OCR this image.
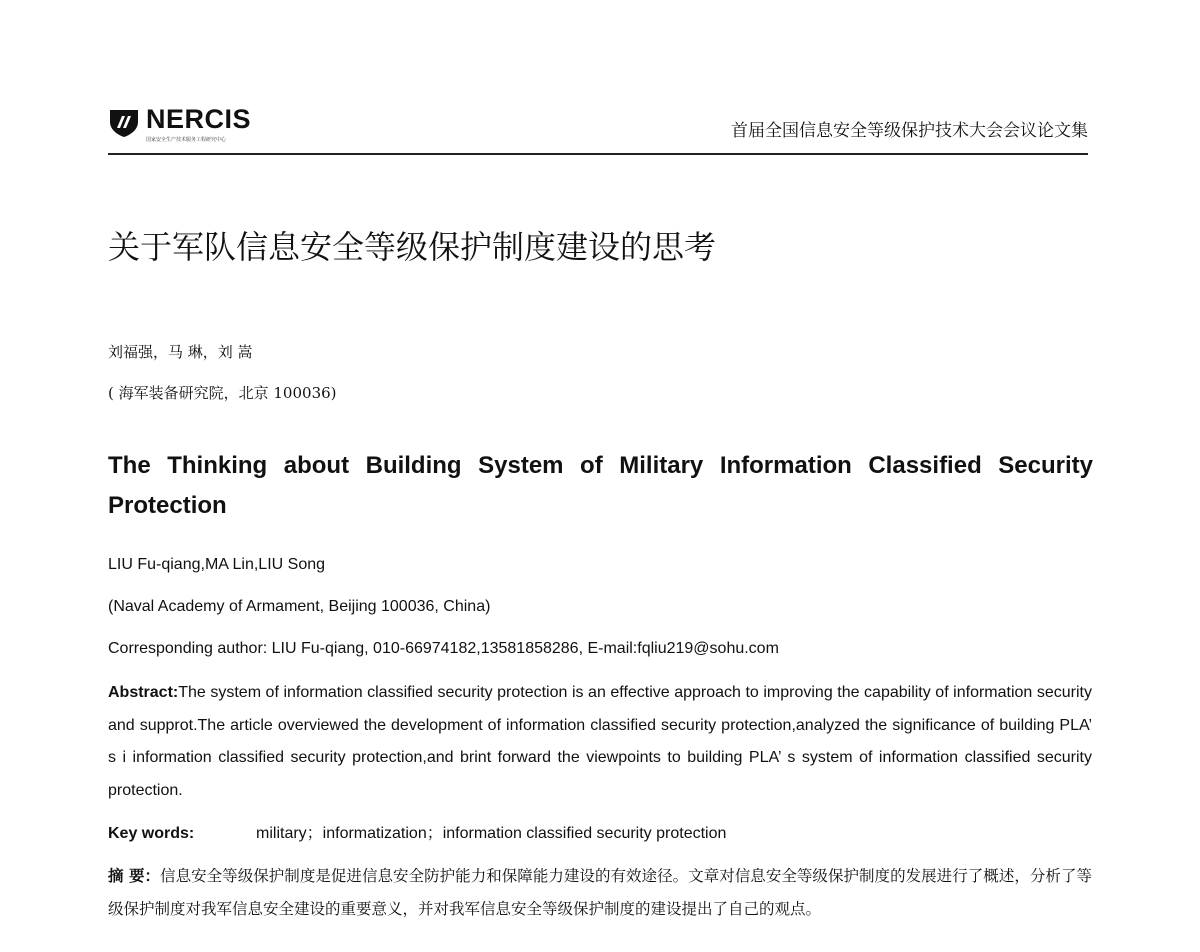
NERCIS
国家安全生产技术服务工程研究中心	首届全国信息安全等级保护技术大会会议论文集
关于军队信息安全等级保护制度建设的思考
刘福强，马 琳，刘 嵩
( 海军装备研究院，北京 100036)
The Thinking about Building System of Military Information Classified Security Protection
LIU Fu-qiang,MA Lin,LIU Song
(Naval Academy of Armament, Beijing 100036, China)
Corresponding author: LIU Fu-qiang, 010-66974182,13581858286, E-mail:fqliu219@sohu.com
Abstract:The system of information classified security protection is an effective approach to improving the capability of information security and supprot.The article overviewed the development of information classified security protection,analyzed the significance of building PLA’ s i information classified security protection,and brint forward the viewpoints to building PLA’ s system of information classified security protection.
Key words:	military；informatization；information classified security protection
摘 要：信息安全等级保护制度是促进信息安全防护能力和保障能力建设的有效途径。文章对信息安全等级保护制度的发展进行了概述，分析了等级保护制度对我军信息安全建设的重要意义，并对我军信息安全等级保护制度的建设提出了自己的观点。
